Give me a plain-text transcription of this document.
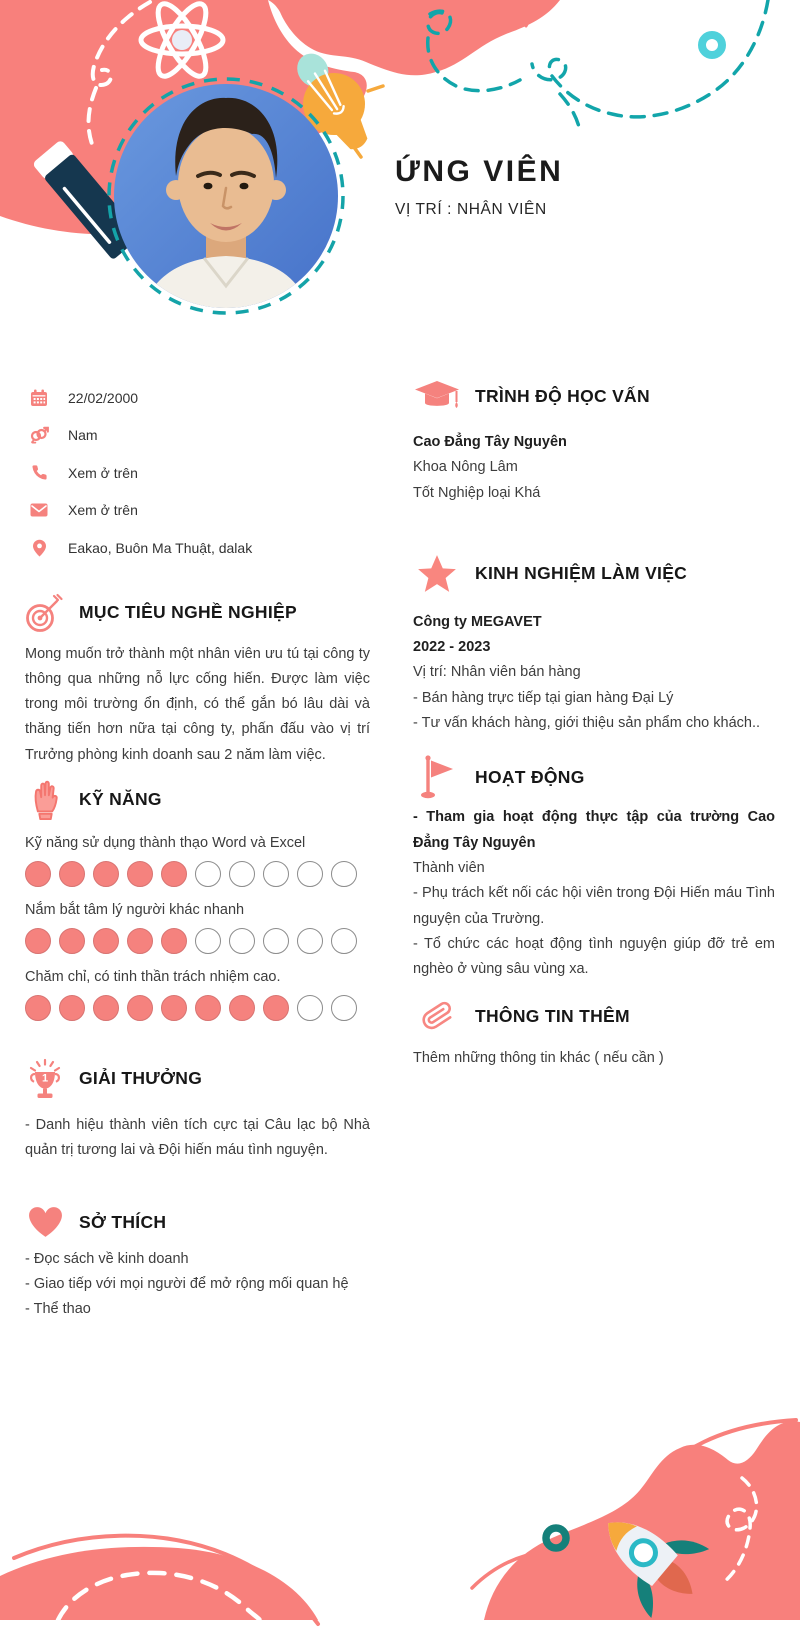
ỨNG VIÊN
VỊ TRÍ : NHÂN VIÊN
22/02/2000
Nam
Xem ở trên
Xem ở trên
Eakao, Buôn Ma Thuật, dalak
MỤC TIÊU NGHỀ NGHIỆP
Mong muốn trở thành một nhân viên ưu tú tại công ty thông qua những nỗ lực cống hiến. Được làm việc trong môi trường ổn định, có thể gắn bó lâu dài và thăng tiến hơn nữa tại công ty, phấn đấu vào vị trí Trưởng phòng kinh doanh sau 2 năm làm việc.
KỸ NĂNG
Kỹ năng sử dụng thành thạo Word và Excel
Nắm bắt tâm lý người khác nhanh
Chăm chỉ, có tinh thần trách nhiệm cao.
1 GIẢI THƯỞNG
- Danh hiệu thành viên tích cực tại Câu lạc bộ Nhà quản trị tương lai và Đội hiến máu tình nguyện.
SỞ THÍCH
- Đọc sách về kinh doanh
- Giao tiếp với mọi người để mở rộng mối quan hệ
- Thể thao
TRÌNH ĐỘ HỌC VẤN
Cao Đẳng Tây Nguyên
Khoa Nông Lâm
Tốt Nghiệp loại Khá
KINH NGHIỆM LÀM VIỆC
Công ty MEGAVET
2022 - 2023
Vị trí: Nhân viên bán hàng
- Bán hàng trực tiếp tại gian hàng Đại Lý
- Tư vấn khách hàng, giới thiệu sản phẩm cho khách..
HOẠT ĐỘNG
- Tham gia hoạt động thực tập của trường Cao Đẳng Tây Nguyên
Thành viên
- Phụ trách kết nối các hội viên trong Đội Hiến máu Tình nguyện của Trường.
- Tổ chức các hoạt động tình nguyện giúp đỡ trẻ em nghèo ở vùng sâu vùng xa.
THÔNG TIN THÊM
Thêm những thông tin khác ( nếu cần )
